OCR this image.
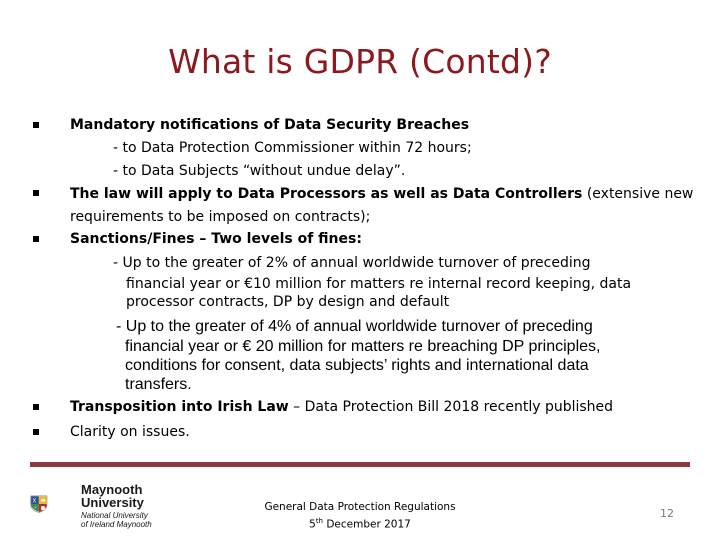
What is GDPR (Contd)?
Mandatory notifications of Data Security Breaches
- to Data Protection Commissioner within 72 hours;
- to Data Subjects “without undue delay”.
The law will apply to Data Processors as well as Data Controllers (extensive new
requirements to be imposed on contracts);
Sanctions/Fines – Two levels of fines:
- Up to the greater of 2% of annual worldwide turnover of preceding
financial year or €10 million for matters re internal record keeping, data
processor contracts, DP by design and default
- Up to the greater of 4% of annual worldwide turnover of preceding
financial year or € 20 million for matters re breaching DP principles,
conditions for consent, data subjects’ rights and international data
transfers.
Transposition into Irish Law – Data Protection Bill 2018 recently published
Clarity on issues.
Maynooth
University
National University
of Ireland Maynooth
General Data Protection Regulations
5th December 2017
12
